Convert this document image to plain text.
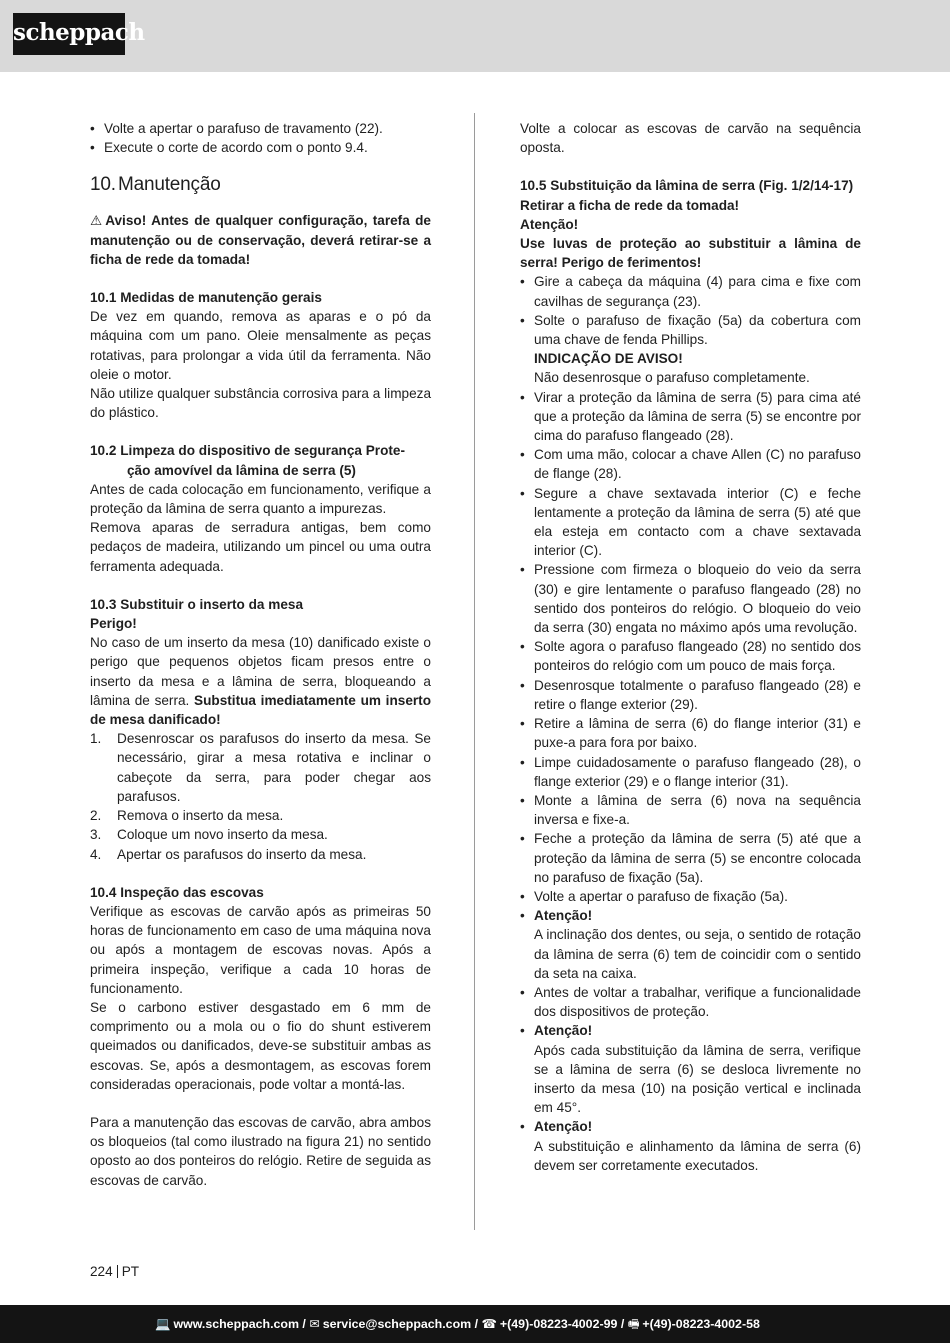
scheppach
• Volte a apertar o parafuso de travamento (22).
• Execute o corte de acordo com o ponto 9.4.
10. Manutenção

⚠ Aviso! Antes de qualquer configuração, tarefa de manutenção ou de conservação, deverá retirar-se a ficha de rede da tomada!

10.1 Medidas de manutenção gerais

De vez em quando, remova as aparas e o pó da máquina com um pano. Oleie mensalmente as peças rotativas, para prolongar a vida útil da ferramenta. Não oleie o motor.

Não utilize qualquer substância corrosiva para a limpeza do plástico.

10.2 Limpeza do dispositivo de segurança Prote-
ção amovível da lâmina de serra (5)

Antes de cada colocação em funcionamento, verifique a proteção da lâmina de serra quanto a impurezas.

Remova aparas de serradura antigas, bem como pedaços de madeira, utilizando um pincel ou uma outra ferramenta adequada.

10.3 Substituir o inserto da mesa

Perigo!

No caso de um inserto da mesa (10) danificado existe o perigo que pequenos objetos ficam presos entre o inserto da mesa e a lâmina de serra, bloqueando a lâmina de serra. Substitua imediatamente um inserto de mesa danificado!

1. Desenroscar os parafusos do inserto da mesa. Se necessário, girar a mesa rotativa e inclinar o cabeçote da serra, para poder chegar aos parafusos.
2. Remova o inserto da mesa.
3. Coloque um novo inserto da mesa.
4. Apertar os parafusos do inserto da mesa.

10.4 Inspeção das escovas

Verifique as escovas de carvão após as primeiras 50 horas de funcionamento em caso de uma máquina nova ou após a montagem de escovas novas. Após a primeira inspeção, verifique a cada 10 horas de funcionamento.

Se o carbono estiver desgastado em 6 mm de comprimento ou a mola ou o fio do shunt estiverem queimados ou danificados, deve-se substituir ambas as escovas. Se, após a desmontagem, as escovas forem consideradas operacionais, pode voltar a montá-las.

Para a manutenção das escovas de carvão, abra ambos os bloqueios (tal como ilustrado na figura 21) no sentido oposto ao dos ponteiros do relógio. Retire de seguida as escovas de carvão.

Volte a colocar as escovas de carvão na sequência oposta.

10.5 Substituição da lâmina de serra (Fig. 1/2/14-17)

Retirar a ficha de rede da tomada!

Atenção!

Use luvas de proteção ao substituir a lâmina de serra! Perigo de ferimentos!

• Gire a cabeça da máquina (4) para cima e fixe com cavilhas de segurança (23).
• Solte o parafuso de fixação (5a) da cobertura com uma chave de fenda Phillips.
INDICAÇÃO DE AVISO!
Não desenrosque o parafuso completamente.
• Virar a proteção da lâmina de serra (5) para cima até que a proteção da lâmina de serra (5) se encontre por cima do parafuso flangeado (28).
• Com uma mão, colocar a chave Allen (C) no parafuso de flange (28).
• Segure a chave sextavada interior (C) e feche lentamente a proteção da lâmina de serra (5) até que ela esteja em contacto com a chave sextavada interior (C).
• Pressione com firmeza o bloqueio do veio da serra (30) e gire lentamente o parafuso flangeado (28) no sentido dos ponteiros do relógio. O bloqueio do veio da serra (30) engata no máximo após uma revolução.
• Solte agora o parafuso flangeado (28) no sentido dos ponteiros do relógio com um pouco de mais força.
• Desenrosque totalmente o parafuso flangeado (28) e retire o flange exterior (29).
• Retire a lâmina de serra (6) do flange interior (31) e puxe-a para fora por baixo.
• Limpe cuidadosamente o parafuso flangeado (28), o flange exterior (29) e o flange interior (31).
• Monte a lâmina de serra (6) nova na sequência inversa e fixe-a.
• Feche a proteção da lâmina de serra (5) até que a proteção da lâmina de serra (5) se encontre colocada no parafuso de fixação (5a).
• Volte a apertar o parafuso de fixação (5a).
• Atenção!
A inclinação dos dentes, ou seja, o sentido de rotação da lâmina de serra (6) tem de coincidir com o sentido da seta na caixa.
• Antes de voltar a trabalhar, verifique a funcionalidade dos dispositivos de proteção.
• Atenção!
Após cada substituição da lâmina de serra, verifique se a lâmina de serra (6) se desloca livremente no inserto da mesa (10) na posição vertical e inclinada em 45°.
• Atenção!
A substituição e alinhamento da lâmina de serra (6) devem ser corretamente executados.
224 PT
💻 www.scheppach.com / ✉ service@scheppach.com / ☎ +(49)-08223-4002-99 / 🖷 +(49)-08223-4002-58
